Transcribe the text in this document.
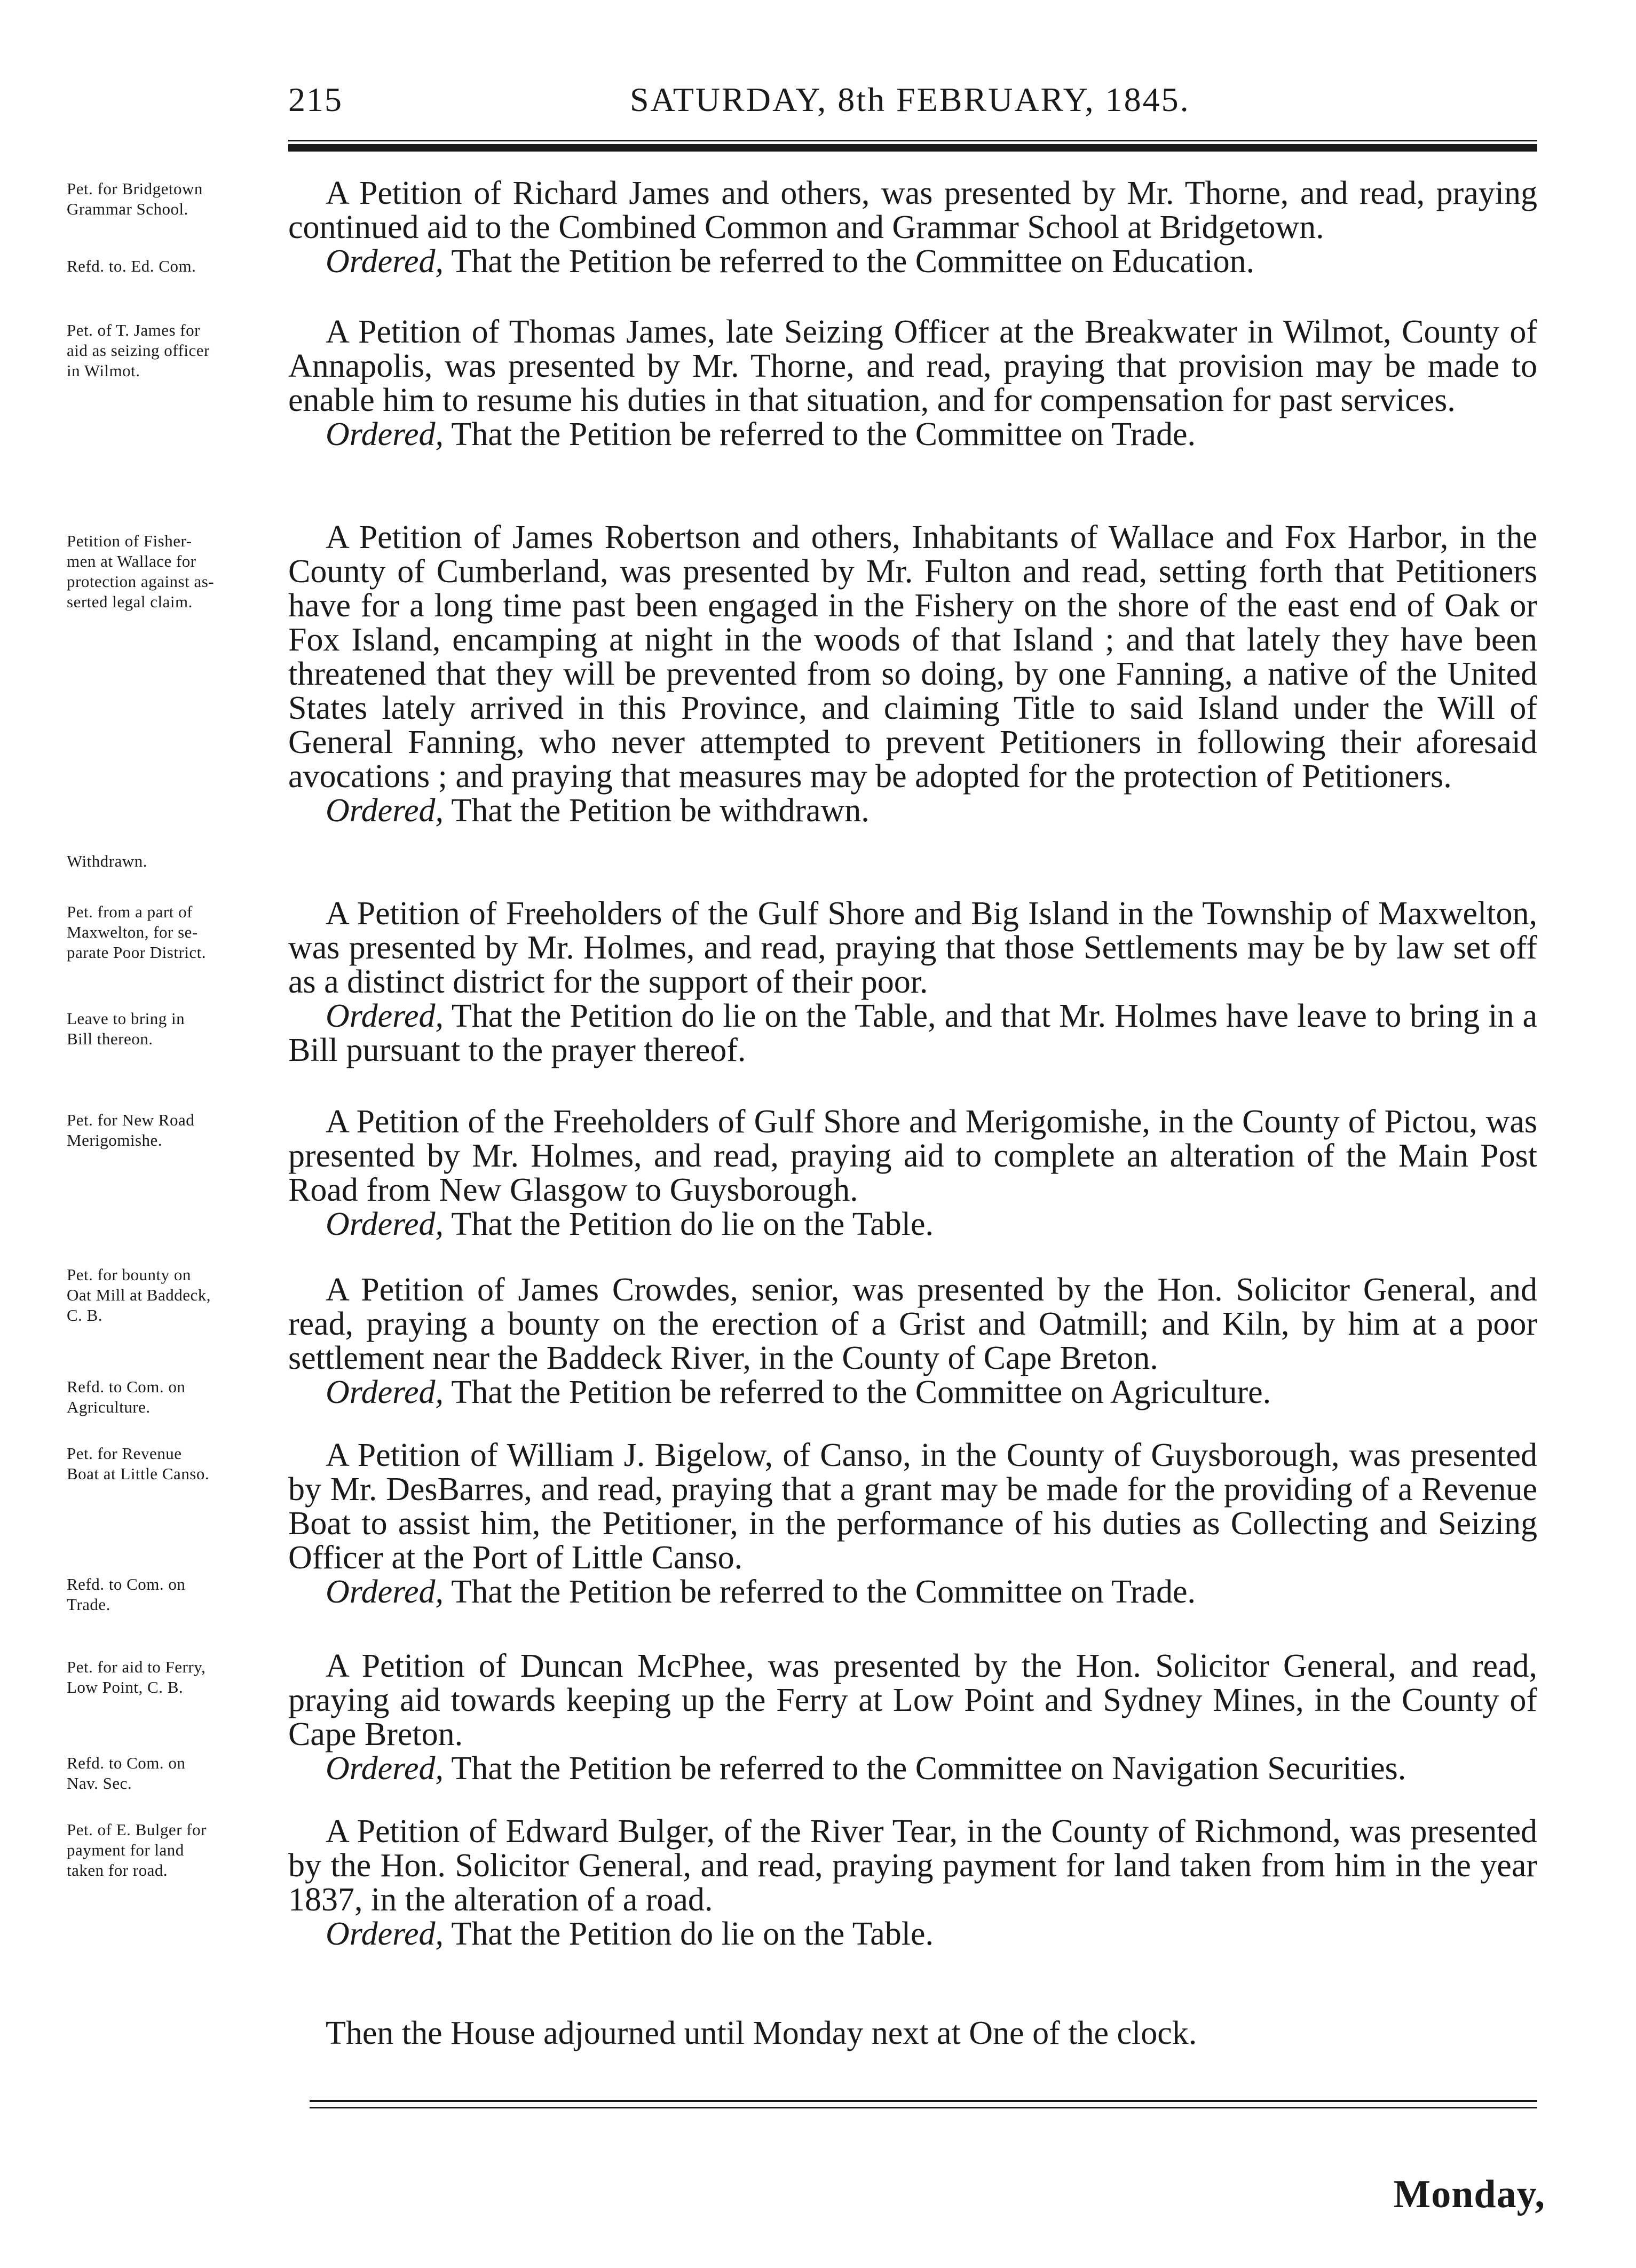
215	SATURDAY, 8th FEBRUARY, 1845.
Pet. for Bridgetown
Grammar School.
Refd. to. Ed. Com.
A Petition of Richard James and others, was presented by Mr. Thorne, and read, praying continued aid to the Combined Common and Grammar School at Bridgetown.
Ordered, That the Petition be referred to the Committee on Education.
Pet. of T. James for
aid as seizing officer
in Wilmot.
A Petition of Thomas James, late Seizing Officer at the Breakwater in Wilmot, County of Annapolis, was presented by Mr. Thorne, and read, praying that provision may be made to enable him to resume his duties in that situation, and for compensation for past services.
Ordered, That the Petition be referred to the Committee on Trade.
Petition of Fisher-
men at Wallace for
protection against as-
serted legal claim.
Withdrawn.
A Petition of James Robertson and others, Inhabitants of Wallace and Fox Harbor, in the County of Cumberland, was presented by Mr. Fulton and read, setting forth that Petitioners have for a long time past been engaged in the Fishery on the shore of the east end of Oak or Fox Island, encamping at night in the woods of that Island ; and that lately they have been threatened that they will be prevented from so doing, by one Fanning, a native of the United States lately arrived in this Province, and claiming Title to said Island under the Will of General Fanning, who never attempted to prevent Petitioners in following their aforesaid avocations ; and praying that measures may be adopted for the protection of Petitioners.
Ordered, That the Petition be withdrawn.
Pet. from a part of
Maxwelton, for se-
parate Poor District.
Leave to bring in
Bill thereon.
A Petition of Freeholders of the Gulf Shore and Big Island in the Township of Maxwelton, was presented by Mr. Holmes, and read, praying that those Settlements may be by law set off as a distinct district for the support of their poor.
Ordered, That the Petition do lie on the Table, and that Mr. Holmes have leave to bring in a Bill pursuant to the prayer thereof.
Pet. for New Road
Merigomishe.
A Petition of the Freeholders of Gulf Shore and Merigomishe, in the County of Pictou, was presented by Mr. Holmes, and read, praying aid to complete an alteration of the Main Post Road from New Glasgow to Guysborough.
Ordered, That the Petition do lie on the Table.
Pet. for bounty on
Oat Mill at Baddeck,
C. B.
Refd. to Com. on
Agriculture.
A Petition of James Crowdes, senior, was presented by the Hon. Solicitor General, and read, praying a bounty on the erection of a Grist and Oatmill; and Kiln, by him at a poor settlement near the Baddeck River, in the County of Cape Breton.
Ordered, That the Petition be referred to the Committee on Agriculture.
Pet. for Revenue
Boat at Little Canso.
Refd. to Com. on
Trade.
A Petition of William J. Bigelow, of Canso, in the County of Guysborough, was presented by Mr. DesBarres, and read, praying that a grant may be made for the providing of a Revenue Boat to assist him, the Petitioner, in the performance of his duties as Collecting and Seizing Officer at the Port of Little Canso.
Ordered, That the Petition be referred to the Committee on Trade.
Pet. for aid to Ferry,
Low Point, C. B.
Refd. to Com. on
Nav. Sec.
A Petition of Duncan McPhee, was presented by the Hon. Solicitor General, and read, praying aid towards keeping up the Ferry at Low Point and Sydney Mines, in the County of Cape Breton.
Ordered, That the Petition be referred to the Committee on Navigation Securities.
Pet. of E. Bulger for
payment for land
taken for road.
A Petition of Edward Bulger, of the River Tear, in the County of Richmond, was presented by the Hon. Solicitor General, and read, praying payment for land taken from him in the year 1837, in the alteration of a road.
Ordered, That the Petition do lie on the Table.
Then the House adjourned until Monday next at One of the clock.
Monday,
